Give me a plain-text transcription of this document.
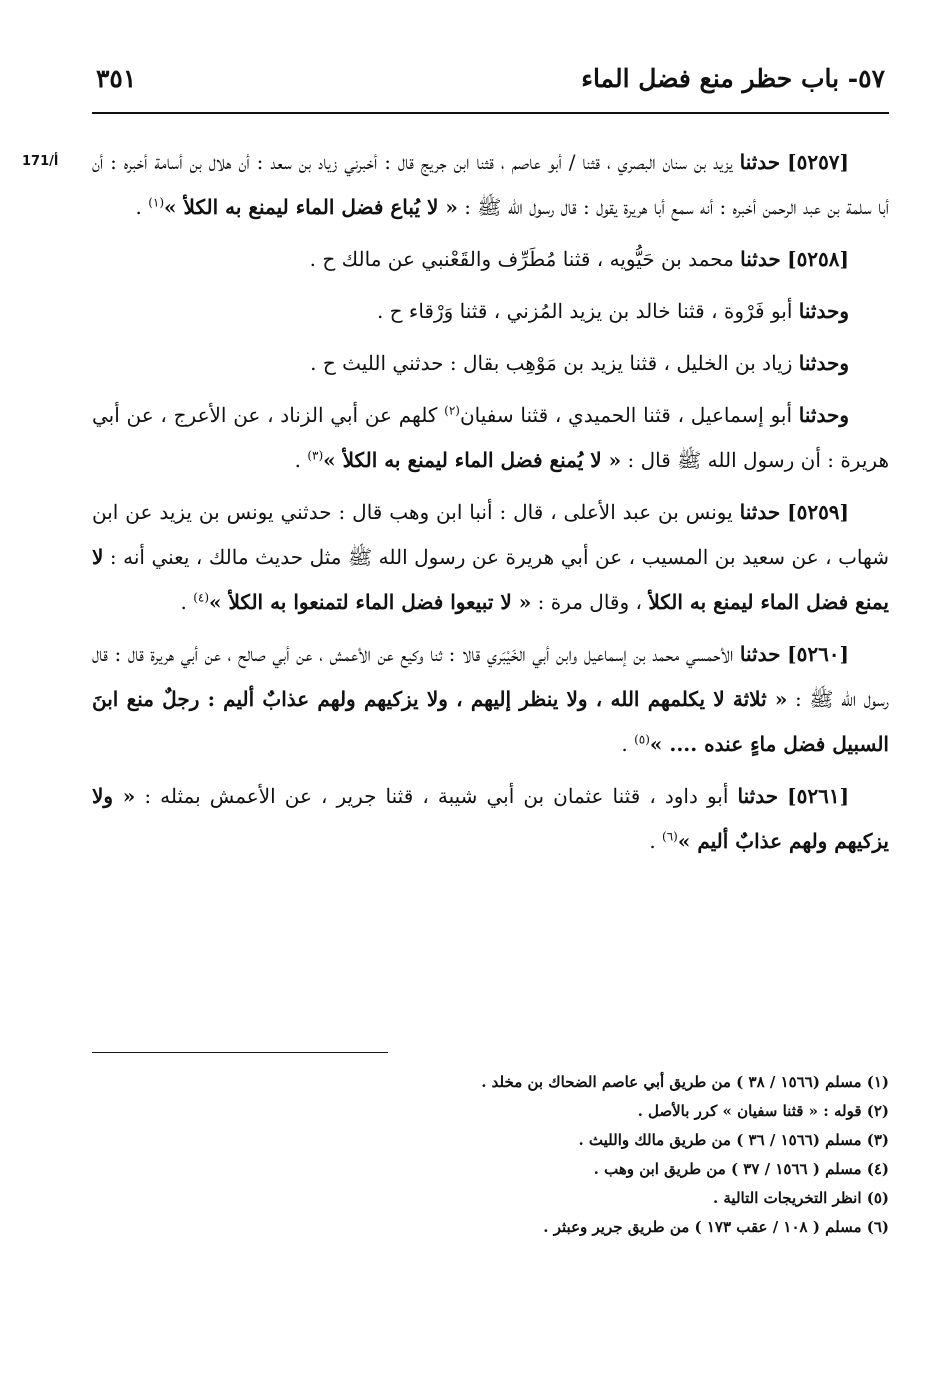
٥٧- باب حظر منع فضل الماء
٣٥١
171/أ	[٥٢٥٧] حدثنا يزيد بن سنان البصري ، قثنا / أبو عاصم ، قثنا ابن جريج قال : أخبرني زياد بن سعد : أن هلال بن أسامة أخبره : أن أبا سلمة بن عبد الرحمن أخبره : أنه سمع أبا هريرة يقول : قال رسول الله ﷺ : « لا يُباع فضل الماء ليمنع به الكلأ »$^{(١)}$ .

[٥٢٥٨] حدثنا محمد بن حَيُّويه ، قثنا مُطَرِّف والقَعْنبي عن مالك ح .

وحدثنا أبو فَرْوة ، قثنا خالد بن يزيد المُزني ، قثنا وَرْقاء ح .

وحدثنا زياد بن الخليل ، قثنا يزيد بن مَوْهِب بقال : حدثني الليث ح .

وحدثنا أبو إسماعيل ، قثنا الحميدي ، قثنا سفيان$^{(٢)}$ كلهم عن أبي الزناد ، عن الأعرج ، عن أبي هريرة : أن رسول الله ﷺ قال : « لا يُمنع فضل الماء ليمنع به الكلأ »$^{(٣)}$ .

[٥٢٥٩] حدثنا يونس بن عبد الأعلى ، قال : أنبا ابن وهب قال : حدثني يونس بن يزيد عن ابن شهاب ، عن سعيد بن المسيب ، عن أبي هريرة عن رسول الله ﷺ مثل حديث مالك ، يعني أنه : لا يمنع فضل الماء ليمنع به الكلأ ، وقال مرة : « لا تبيعوا فضل الماء لتمنعوا به الكلأ »$^{(٤)}$ .

[٥٢٦٠] حدثنا الأحمسي محمد بن إسماعيل وابن أبي الخَيْبَري قالا : ثنا وكيع عن الأعمش ، عن أبي صالح ، عن أبي هريرة قال : قال رسول الله ﷺ : « ثلاثة لا يكلمهم الله ، ولا ينظر إليهم ، ولا يزكيهم ولهم عذابٌ أليم : رجلٌ منع ابنَ السبيل فضل ماءٍ عنده .... »$^{(٥)}$ .

[٥٢٦١] حدثنا أبو داود ، قثنا عثمان بن أبي شيبة ، قثنا جرير ، عن الأعمش بمثله : « ولا يزكيهم ولهم عذابٌ أليم »$^{(٦)}$ .

(١) مسلم (١٥٦٦ / ٣٨ ) من طريق أبي عاصم الضحاك بن مخلد .

(٢) قوله : « قثنا سفيان » كرر بالأصل .

(٣) مسلم (١٥٦٦ / ٣٦ ) من طريق مالك والليث .

(٤) مسلم ( ١٥٦٦ / ٣٧ ) من طريق ابن وهب .

(٥) انظر التخريجات التالية .

(٦) مسلم ( ١٠٨ / عقب ١٧٣ ) من طريق جرير وعبثر .
